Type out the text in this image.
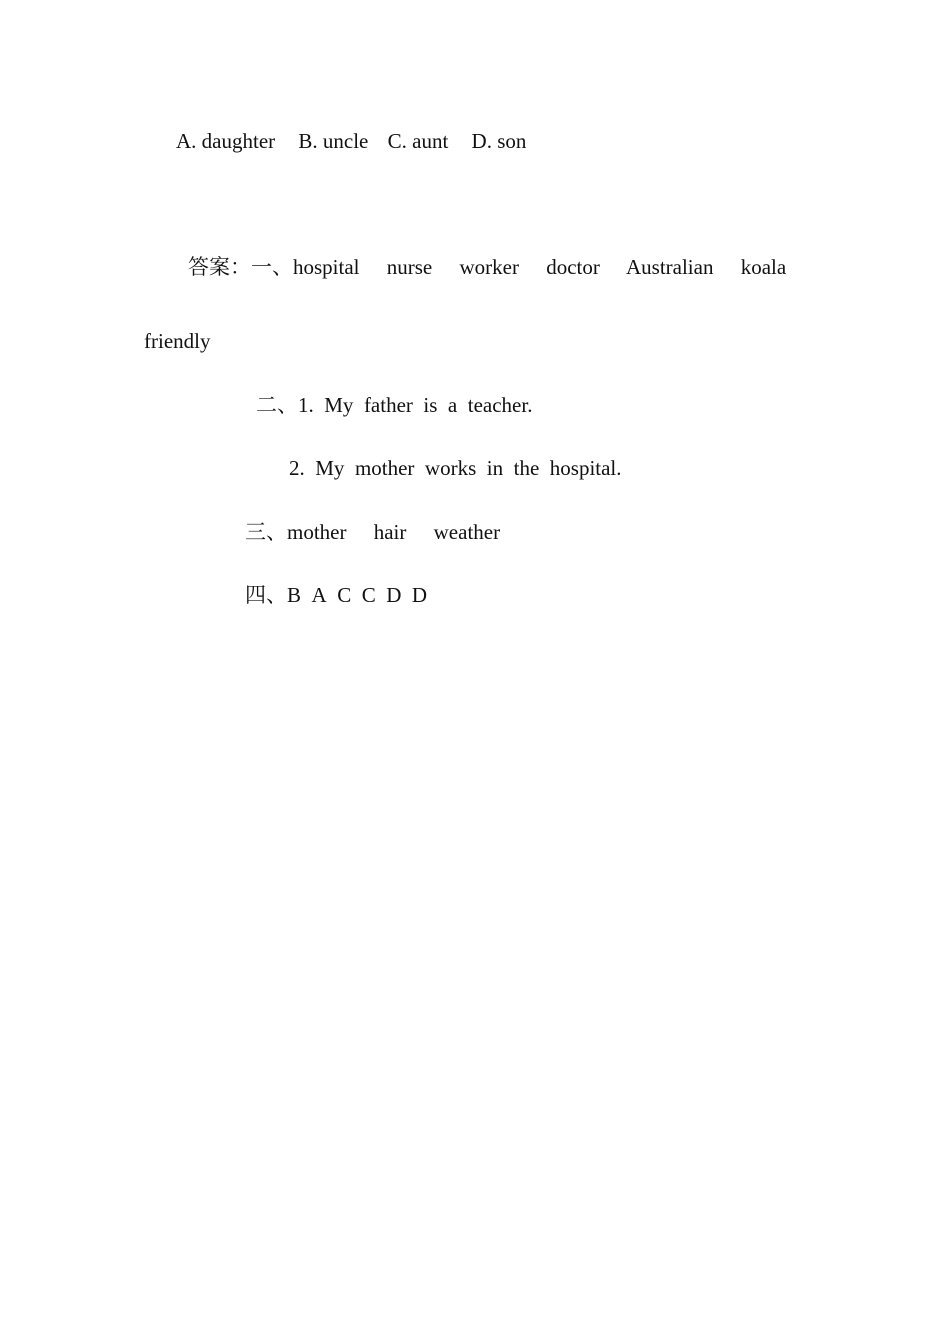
A. daughter B. uncle C. aunt D. son
答案：一、hospital nurse worker doctor Australian koala
friendly
二、1. My father is a teacher.
2. My mother works in the hospital.
三、mother hair weather
四、B A C C D D
